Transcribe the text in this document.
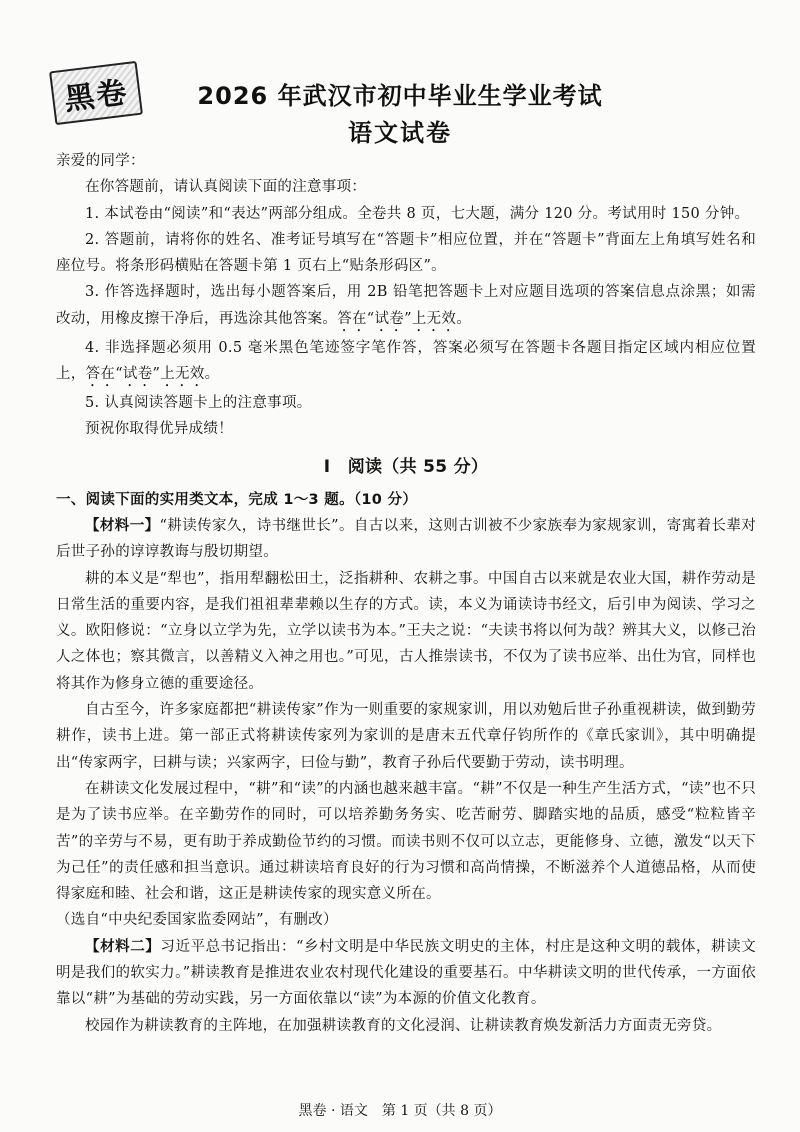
黑卷	2026 年武汉市初中毕业生学业考试
语文试卷

亲爱的同学：

在你答题前，请认真阅读下面的注意事项：

1. 本试卷由“阅读”和“表达”两部分组成。全卷共 8 页，七大题，满分 120 分。考试用时 150 分钟。

2. 答题前，请将你的姓名、准考证号填写在“答题卡”相应位置，并在“答题卡”背面左上角填写姓名和座位号。将条形码横贴在答题卡第 1 页右上“贴条形码区”。

3. 作答选择题时，选出每小题答案后，用 2B 铅笔把答题卡上对应题目选项的答案信息点涂黑；如需改动，用橡皮擦干净后，再选涂其他答案。答在“试卷”上无效。

4. 非选择题必须用 0.5 毫米黑色笔迹签字笔作答，答案必须写在答题卡各题目指定区域内相应位置上，答在“试卷”上无效。

5. 认真阅读答题卡上的注意事项。

预祝你取得优异成绩！

I　阅读（共 55 分）

一、阅读下面的实用类文本，完成 1～3 题。（10 分）

【材料一】“耕读传家久，诗书继世长”。自古以来，这则古训被不少家族奉为家规家训，寄寓着长辈对后世子孙的谆谆教诲与殷切期望。

耕的本义是“犁也”，指用犁翻松田土，泛指耕种、农耕之事。中国自古以来就是农业大国，耕作劳动是日常生活的重要内容，是我们祖祖辈辈赖以生存的方式。读，本义为诵读诗书经文，后引申为阅读、学习之义。欧阳修说：“立身以立学为先，立学以读书为本。”王夫之说：“夫读书将以何为哉？辨其大义，以修己治人之体也；察其微言，以善精义入神之用也。”可见，古人推崇读书，不仅为了读书应举、出仕为官，同样也将其作为修身立德的重要途径。

自古至今，许多家庭都把“耕读传家”作为一则重要的家规家训，用以劝勉后世子孙重视耕读，做到勤劳耕作，读书上进。第一部正式将耕读传家列为家训的是唐末五代章仔钧所作的《章氏家训》，其中明确提出“传家两字，曰耕与读；兴家两字，曰俭与勤”，教育子孙后代要勤于劳动，读书明理。

在耕读文化发展过程中，“耕”和“读”的内涵也越来越丰富。“耕”不仅是一种生产生活方式，“读”也不只是为了读书应举。在辛勤劳作的同时，可以培养勤务务实、吃苦耐劳、脚踏实地的品质，感受“粒粒皆辛苦”的辛劳与不易，更有助于养成勤俭节约的习惯。而读书则不仅可以立志，更能修身、立德，激发“以天下为己任”的责任感和担当意识。通过耕读培育良好的行为习惯和高尚情操，不断滋养个人道德品格，从而使得家庭和睦、社会和谐，这正是耕读传家的现实意义所在。

（选自“中央纪委国家监委网站”，有删改）

【材料二】习近平总书记指出：“乡村文明是中华民族文明史的主体，村庄是这种文明的载体，耕读文明是我们的软实力。”耕读教育是推进农业农村现代化建设的重要基石。中华耕读文明的世代传承，一方面依靠以“耕”为基础的劳动实践，另一方面依靠以“读”为本源的价值文化教育。

校园作为耕读教育的主阵地，在加强耕读教育的文化浸润、让耕读教育焕发新活力方面责无旁贷。

黑卷 · 语文　第 1 页（共 8 页）
